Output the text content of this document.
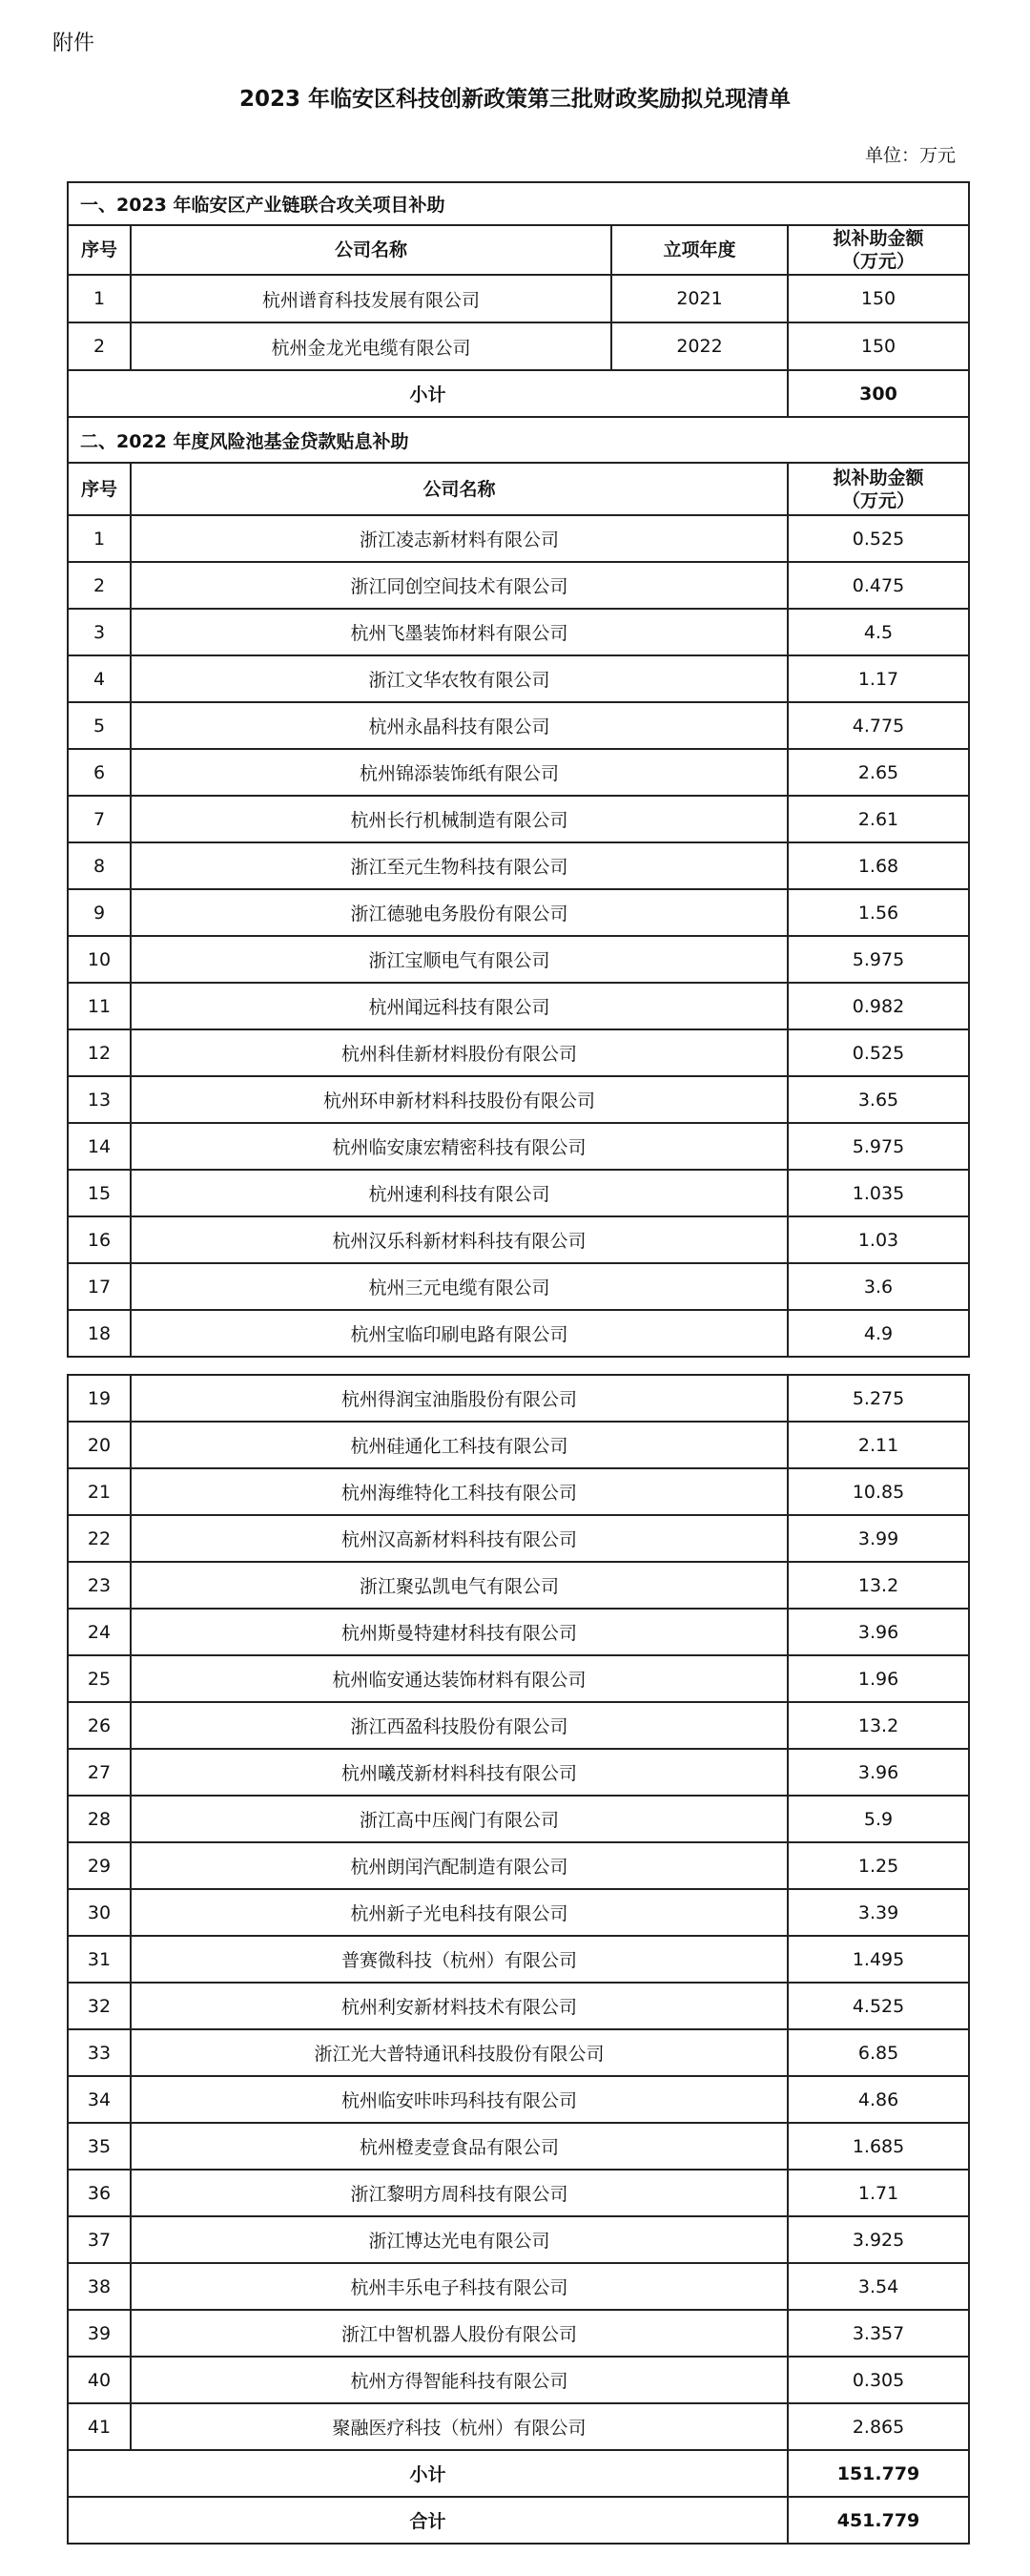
附件
2023 年临安区科技创新政策第三批财政奖励拟兑现清单
单位：万元
一、2023 年临安区产业链联合攻关项目补助			
序号	公司名称	立项年度	拟补助金额
（万元）
1	杭州谱育科技发展有限公司	2021	150
2	杭州金龙光电缆有限公司	2022	150
小计			300
二、2022 年度风险池基金贷款贴息补助			
序号	公司名称		拟补助金额
（万元）
1	浙江凌志新材料有限公司		0.525
2	浙江同创空间技术有限公司		0.475
3	杭州飞墨装饰材料有限公司		4.5
4	浙江文华农牧有限公司		1.17
5	杭州永晶科技有限公司		4.775
6	杭州锦添装饰纸有限公司		2.65
7	杭州长行机械制造有限公司		2.61
8	浙江至元生物科技有限公司		1.68
9	浙江德驰电务股份有限公司		1.56
10	浙江宝顺电气有限公司		5.975
11	杭州闻远科技有限公司		0.982
12	杭州科佳新材料股份有限公司		0.525
13	杭州环申新材料科技股份有限公司		3.65
14	杭州临安康宏精密科技有限公司		5.975
15	杭州速利科技有限公司		1.035
16	杭州汉乐科新材料科技有限公司		1.03
17	杭州三元电缆有限公司		3.6
18	杭州宝临印刷电路有限公司		4.9
19	杭州得润宝油脂股份有限公司	5.275
20	杭州硅通化工科技有限公司	2.11
21	杭州海维特化工科技有限公司	10.85
22	杭州汉高新材料科技有限公司	3.99
23	浙江聚弘凯电气有限公司	13.2
24	杭州斯曼特建材科技有限公司	3.96
25	杭州临安通达装饰材料有限公司	1.96
26	浙江西盈科技股份有限公司	13.2
27	杭州曦茂新材料科技有限公司	3.96
28	浙江高中压阀门有限公司	5.9
29	杭州朗闰汽配制造有限公司	1.25
30	杭州新子光电科技有限公司	3.39
31	普赛微科技（杭州）有限公司	1.495
32	杭州利安新材料技术有限公司	4.525
33	浙江光大普特通讯科技股份有限公司	6.85
34	杭州临安咔咔玛科技有限公司	4.86
35	杭州橙麦壹食品有限公司	1.685
36	浙江黎明方周科技有限公司	1.71
37	浙江博达光电有限公司	3.925
38	杭州丰乐电子科技有限公司	3.54
39	浙江中智机器人股份有限公司	3.357
40	杭州方得智能科技有限公司	0.305
41	聚融医疗科技（杭州）有限公司	2.865
小计		151.779
合计		451.779
